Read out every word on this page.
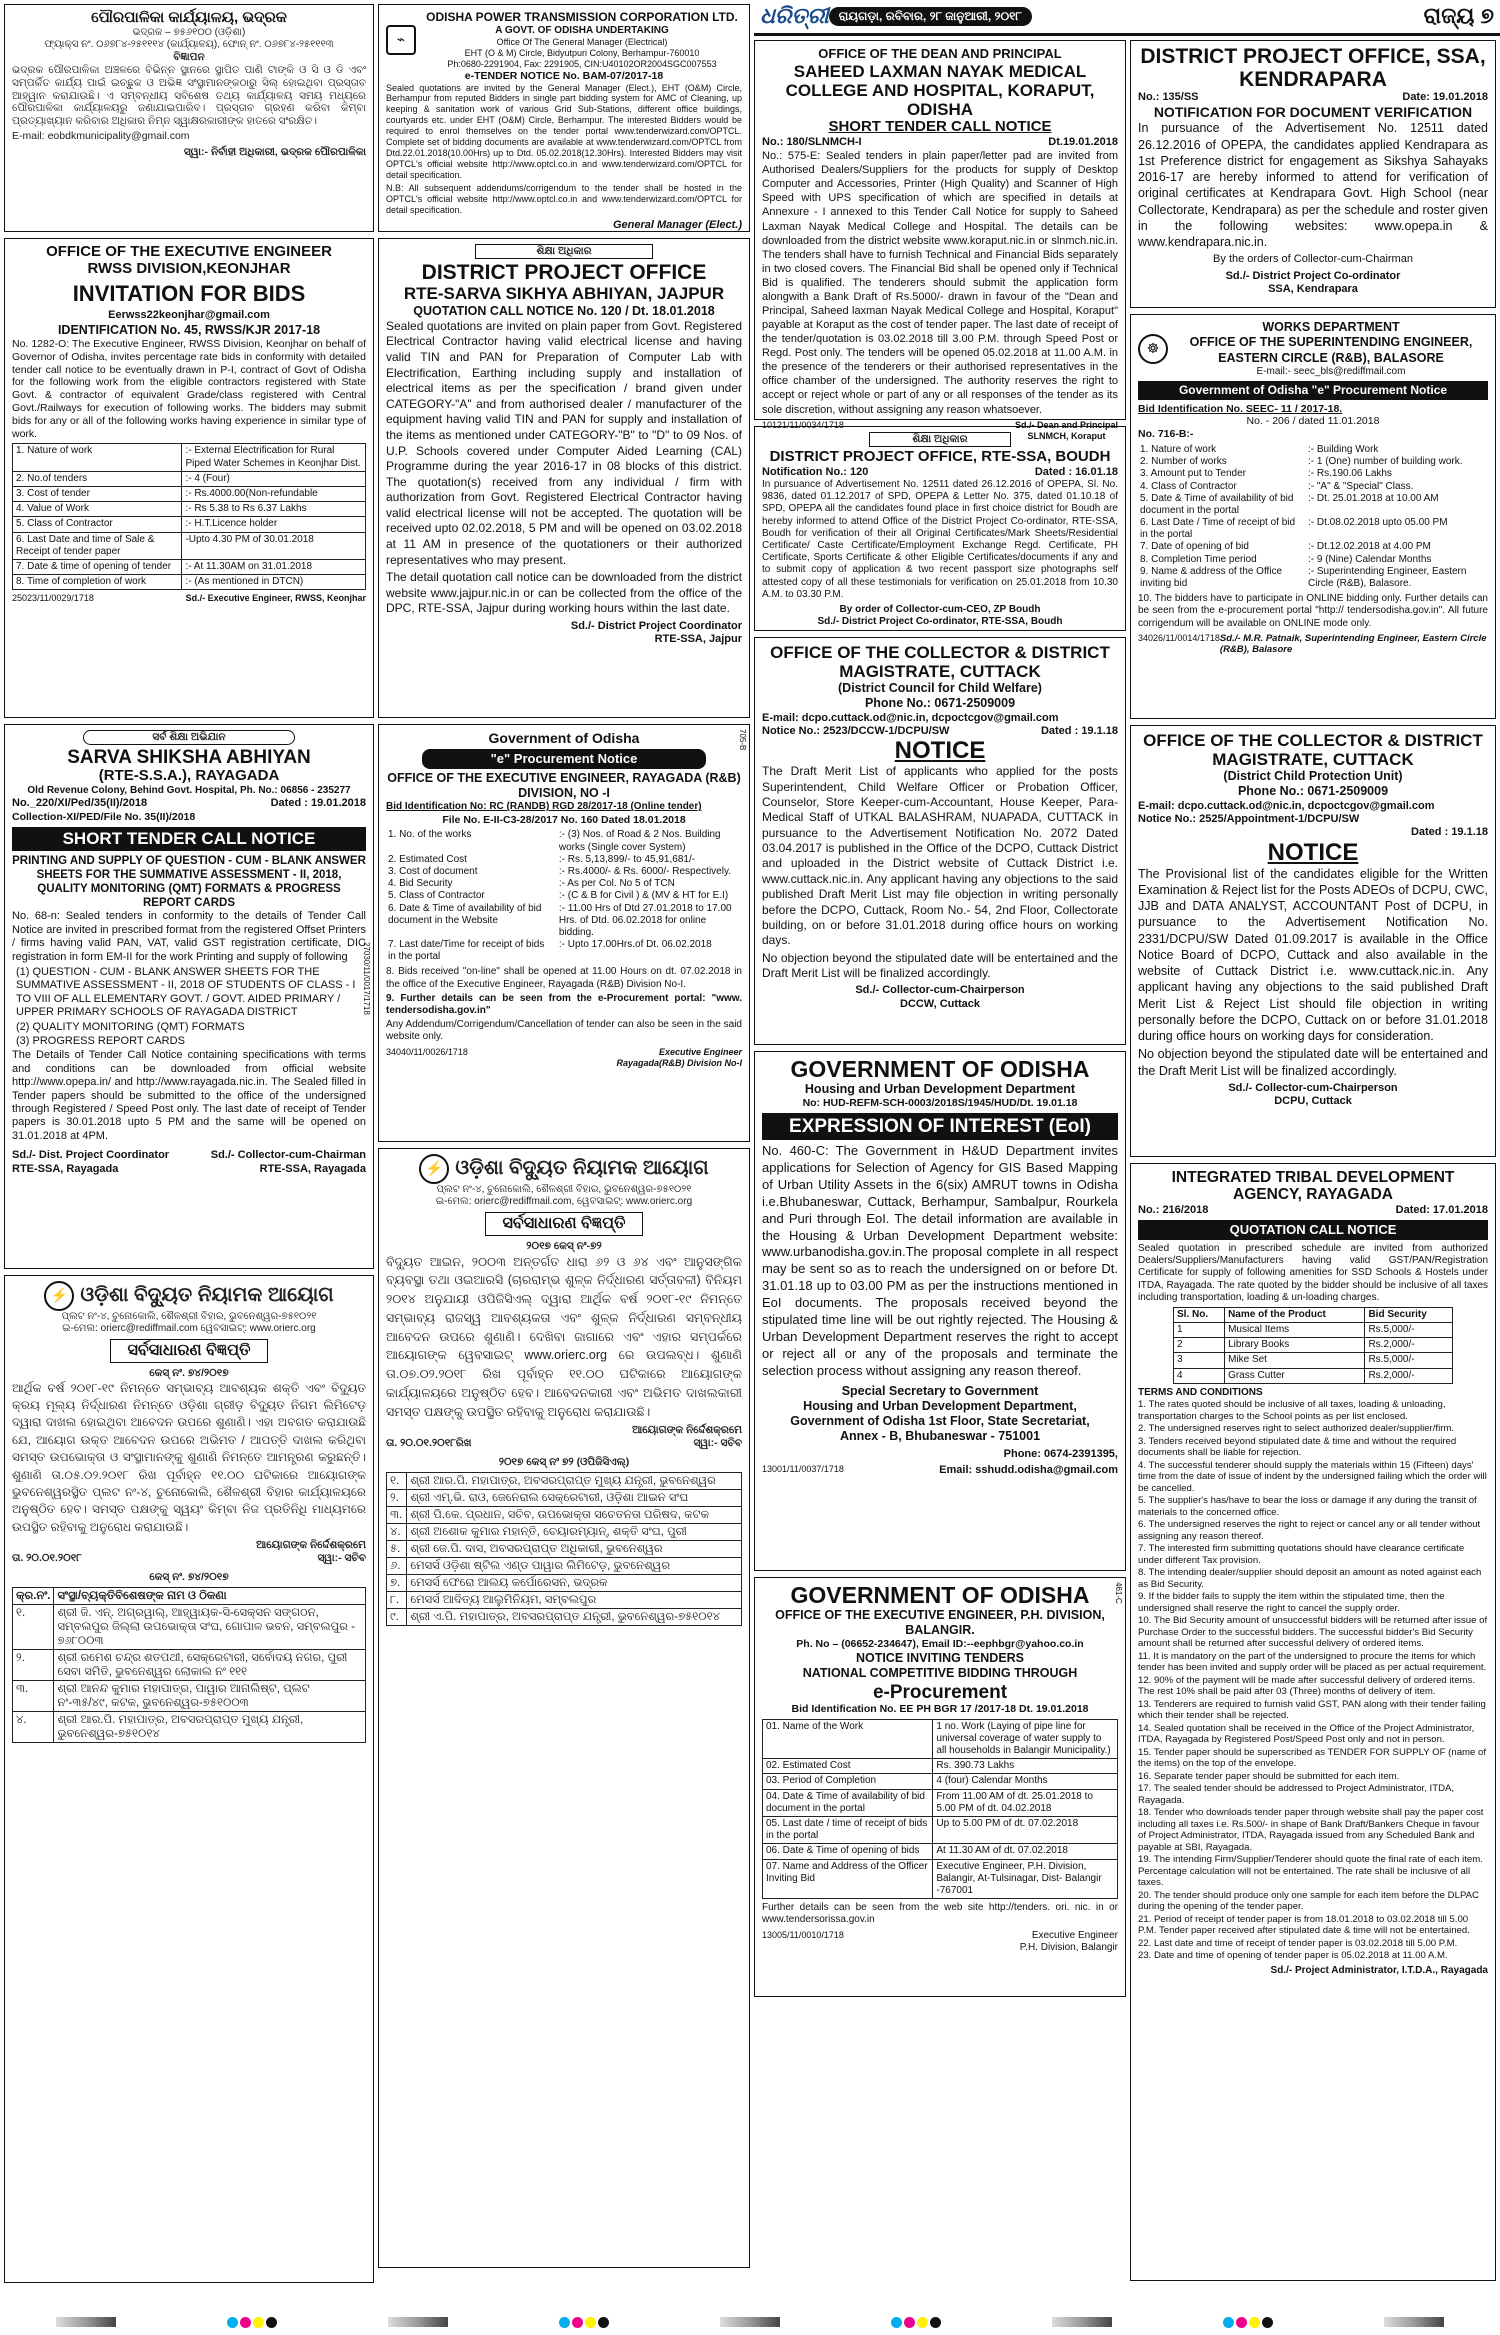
ପୌରପାଳିକା କାର୍ଯ୍ୟାଳୟ, ଭଦ୍ରକ
ଭଦ୍ରକ – ୭୫୬୧୦୦ (ଓଡ଼ିଶା)
ଫ୍ୟାକ୍ସ ନଂ. ୦୬୭୮୪-୨୫୧୧୧୪ (କାର୍ଯ୍ୟାଳୟ), ଫୋନ୍ ନଂ. ୦୬୭୮୪-୨୫୧୧୧୩
ବିଜ୍ଞାପନ

ଭଦ୍ରକ ପୌରପାଳିକା ଅଞ୍ଚଳରେ ବିଭିନ୍ନ ସ୍ଥାନରେ ସ୍ଥାପିତ ପାଣି ଟାଙ୍କି ଓ ସି ଓ ଡି ଏବଂ ସମ୍ପର୍କିତ କାର୍ଯ୍ୟ ପାଇଁ ଇଚ୍ଛୁକ ଓ ଅଭିଜ୍ଞ ସଂସ୍ଥାମାନଙ୍କଠାରୁ ସିଲ୍ ହୋଇଥିବା ପ୍ରସ୍ତାବ ଆହ୍ୱାନ କରାଯାଉଛି। ଏ ସମ୍ବନ୍ଧୀୟ ସବିଶେଷ ତଥ୍ୟ କାର୍ଯ୍ୟାଳୟ ସମୟ ମଧ୍ୟରେ ପୌରପାଳିକା କାର୍ଯ୍ୟାଳୟରୁ ଜଣାଯାଇପାରିବ। ପ୍ରସ୍ତାବ ଗ୍ରହଣ କରିବା କିମ୍ବା ପ୍ରତ୍ୟାଖ୍ୟାନ କରିବାର ଅଧିକାର ନିମ୍ନ ସ୍ୱାକ୍ଷରକାରୀଙ୍କ ହାତରେ ସଂରକ୍ଷିତ।

E-mail: eobdkmunicipality@gmail.com
ସ୍ୱା:- ନିର୍ବାହୀ ଅଧିକାରୀ, ଭଦ୍ରକ ପୌରପାଳିକା
OFFICE OF THE EXECUTIVE ENGINEER
RWSS DIVISION,KEONJHAR
INVITATION FOR BIDS
Eerwss22keonjhar@gmail.com
IDENTIFICATION No. 45, RWSS/KJR 2017-18

No. 1282-O: The Executive Engineer, RWSS Division, Keonjhar on behalf of Governor of Odisha, invites percentage rate bids in conformity with detailed tender call notice to be eventually drawn in P-I, contract of Govt of Odisha for the following work from the eligible contractors registered with State Govt. & contractor of equivalent Grade/class registered with Central Govt./Railways for execution of following works. The bidders may submit bids for any or all of the following works having experience in similar type of work.

1. Nature of work	:- External Electrification for Rural Piped Water Schemes in Keonjhar Dist.
2. No.of tenders	:- 4 (Four)
3. Cost of tender	:- Rs.4000.00(Non-refundable
4. Value of Work	:- Rs 5.38 to Rs 6.37 Lakhs
5. Class of Contractor	:- H.T.Licence holder
6. Last Date and time of Sale & Receipt of tender paper	-Upto 4.30 PM of 30.01.2018
7. Date & time of opening of tender	:- At 11.30AM on 31.01.2018
8. Time of completion of work	:- (As mentioned in DTCN)
25023/11/0029/1718	Sd./- Executive Engineer, RWSS, Keonjhar
ସର୍ବ ଶିକ୍ଷା ଅଭିଯାନ
SARVA SHIKSHA ABHIYAN
(RTE-S.S.A.), RAYAGADA
Old Revenue Colony, Behind Govt. Hospital, Ph. No.: 06856 - 235277
No._220/XI/Ped/35(II)/2018	Dated : 19.01.2018
Collection-XI/PED/File No. 35(II)/2018
SHORT TENDER CALL NOTICE
PRINTING AND SUPPLY OF QUESTION - CUM - BLANK ANSWER SHEETS FOR THE SUMMATIVE ASSESSMENT - II, 2018, QUALITY MONITORING (QMT) FORMATS & PROGRESS REPORT CARDS

No. 68-n: Sealed tenders in conformity to the details of Tender Call Notice are invited in prescribed format from the registered Offset Printers / firms having valid PAN, VAT, valid GST registration certificate, DIC registration in form EM-II for the work Printing and supply of following

(1) QUESTION - CUM - BLANK ANSWER SHEETS FOR THE SUMMATIVE ASSESSMENT - II, 2018 OF STUDENTS OF CLASS - I TO VIII OF ALL ELEMENTARY GOVT. / GOVT. AIDED PRIMARY / UPPER PRIMARY SCHOOLS OF RAYAGADA DISTRICT
(2) QUALITY MONITORING (QMT) FORMATS
(3) PROGRESS REPORT CARDS

The Details of Tender Call Notice containing specifications with terms and conditions can be downloaded from official website http://www.opepa.in/ and http://www.rayagada.nic.in. The Sealed filled in Tender papers should be submitted to the office of the undersigned through Registered / Speed Post only. The last date of receipt of Tender papers is 30.01.2018 upto 5 PM and the same will be opened on 31.01.2018 at 4PM.

Sd./- Dist. Project Coordinator
RTE-SSA, Rayagada
Sd./- Collector-cum-Chairman
RTE-SSA, Rayagada
27030/11/0017/1718
⚡ ଓଡ଼ିଶା ବିଦ୍ୟୁତ ନିୟାମକ ଆୟୋଗ
ପ୍ଲଟ ନଂ-୪, ଚୁନୋକୋଲି, ଶୈଳଶ୍ରୀ ବିହାର, ଭୁବନେଶ୍ୱର-୭୫୧୦୨୧
ଇ-ମେଲ: orierc@rediffmail.com ୱେବସାଇଟ୍: www.orierc.org
ସର୍ବସାଧାରଣ ବିଜ୍ଞପ୍ତି
କେସ୍ ନଂ. ୭୪/୨୦୧୭

ଆର୍ଥିକ ବର୍ଷ ୨୦୧୮-୧୯ ନିମନ୍ତେ ସମ୍ଭାବ୍ୟ ଆବଶ୍ୟକ ଶକ୍ତି ଏବଂ ବିଦ୍ୟୁତ କ୍ରୟ ମୂଲ୍ୟ ନିର୍ଦ୍ଧାରଣ ନିମନ୍ତେ ଓଡ଼ିଶା ଗ୍ରୀଡ଼ ବିଦ୍ୟୁତ ନିଗମ ଲିମିଟେଡ଼ ଦ୍ୱାରା ଦାଖଲ ହୋଇଥିବା ଆବେଦନ ଉପରେ ଶୁଣାଣି। ଏହା ଅବଗତ କରାଯାଉଛି ଯେ, ଆୟୋଗ ଉକ୍ତ ଆବେଦନ ଉପରେ ଅଭିମତ / ଆପତ୍ତି ଦାଖଲ କରିଥିବା ସମସ୍ତ ଉପଭୋକ୍ତା ଓ ସଂସ୍ଥାମାନଙ୍କୁ ଶୁଣାଣି ନିମନ୍ତେ ଆମନ୍ତ୍ରଣ କରୁଛନ୍ତି। ଶୁଣାଣି ତା.୦୫.୦୨.୨୦୧୮ ରିଖ ପୂର୍ବାହ୍ନ ୧୧.୦୦ ଘଟିକାରେ ଆୟୋଗଙ୍କ ଭୁବନେଶ୍ୱରସ୍ଥିତ ପ୍ଲଟ ନଂ-୪, ଚୁନୋକୋଲି, ଶୈଳଶ୍ରୀ ବିହାର କାର୍ଯ୍ୟାଳୟରେ ଅନୁଷ୍ଠିତ ହେବ। ସମସ୍ତ ପକ୍ଷଙ୍କୁ ସ୍ୱୟଂ କିମ୍ବା ନିଜ ପ୍ରତିନିଧି ମାଧ୍ୟମରେ ଉପସ୍ଥିତ ରହିବାକୁ ଅନୁରୋଧ କରାଯାଉଛି।

ଆୟୋଗଙ୍କ ନିର୍ଦ୍ଦେଶକ୍ରମେ
ତା. ୨୦.୦୧.୨୦୧୮	ସ୍ୱା:- ସଚିବ
କେସ୍ ନଂ. ୭୪/୨୦୧୭
କ୍ର.ନଂ.	ସଂସ୍ଥା/ବ୍ୟକ୍ତିବିଶେଷଙ୍କ ନାମ ଓ ଠିକଣା
୧.	ଶ୍ରୀ ଜି. ଏନ୍. ଅଗ୍ରୱାଲ୍, ଆହ୍ୱାୟକ-ସି-ସେକ୍ସନ ସଙ୍ଗଠନ, ସମ୍ବଲପୁର ଜିଲ୍ଲା ଉପଭୋକ୍ତା ସଂଘ, ଗୋପାଳ ଭବନ, ସମ୍ବଲପୁର - ୭୬୮୦୦୩
୨.	ଶ୍ରୀ ରମେଶ ଚନ୍ଦ୍ର ଶତପଥୀ, ସେକ୍ରେଟାରୀ, ସର୍ବୋଦୟ ନଗର, ପୁରୀ ସେବା ସମିତି, ଭୁବନେଶ୍ୱର ଲୋକାଲ ନଂ ୧୧୧
୩.	ଶ୍ରୀ ଆନନ୍ଦ କୁମାର ମହାପାତ୍ର, ପାୱାର ଆନାଲିଷ୍ଟ, ପ୍ଲଟ ନଂ-୩୫/୪୯, କଟକ, ଭୁବନେଶ୍ୱର-୭୫୧୦୦୩
୪.	ଶ୍ରୀ ଆର.ପି. ମହାପାତ୍ର, ଅବସରପ୍ରାପ୍ତ ମୁଖ୍ୟ ଯନ୍ତ୍ରୀ, ଭୁବନେଶ୍ୱର-୭୫୧୦୧୪
⌁
ODISHA POWER TRANSMISSION CORPORATION LTD.
A GOVT. OF ODISHA UNDERTAKING
Office Of The General Manager (Electrical)
EHT (O & M) Circle, Bidyutpuri Colony, Berhampur-760010
Ph:0680-2291904, Fax: 2291905, CIN:U40102OR2004SGC007553
e-TENDER NOTICE No. BAM-07/2017-18

Sealed quotations are invited by the General Manager (Elect.), EHT (O&M) Circle, Berhampur from reputed Bidders in single part bidding system for AMC of Cleaning, up keeping & sanitation work of various Grid Sub-Stations, different office buildings, courtyards etc. under EHT (O&M) Circle, Berhampur. The interested Bidders would be required to enrol themselves on the tender portal www.tenderwizard.com/OPTCL. Complete set of bidding documents are available at www.tenderwizard.com/OPTCL from Dtd.22.01.2018(10.00Hrs) up to Dtd. 05.02.2018(12.30Hrs). Interested Bidders may visit OPTCL's official website http://www.optcl.co.in and www.tenderwizard.com/OPTCL for detail specification.

N.B: All subsequent addendums/corrigendum to the tender shall be hosted in the OPTCL's official website http://www.optcl.co.in and www.tenderwizard.com/OPTCL for detail specification.

General Manager (Elect.)
ଶିକ୍ଷା ଅଧିକାର
DISTRICT PROJECT OFFICE
RTE-SARVA SIKHYA ABHIYAN, JAJPUR
QUOTATION CALL NOTICE No. 120 / Dt. 18.01.2018

Sealed quotations are invited on plain paper from Govt. Registered Electrical Contractor having valid electrical license and having valid TIN and PAN for Preparation of Computer Lab with Electrification, Earthing including supply and installation of electrical items as per the specification / brand given under CATEGORY-"A" and from authorised dealer / manufacturer of the equipment having valid TIN and PAN for supply and installation of the items as mentioned under CATEGORY-"B" to "D" to 09 Nos. of U.P. Schools covered under Computer Aided Learning (CAL) Programme during the year 2016-17 in 08 blocks of this district. The quotation(s) received from any individual / firm with authorization from Govt. Registered Electrical Contractor having valid electrical license will not be accepted. The quotation will be received upto 02.02.2018, 5 PM and will be opened on 03.02.2018 at 11 AM in presence of the quotationers or their authorized representatives who may present.

The detail quotation call notice can be downloaded from the district website www.jajpur.nic.in or can be collected from the office of the DPC, RTE-SSA, Jajpur during working hours within the last date.

Sd./- District Project Coordinator
RTE-SSA, Jajpur
Government of Odisha
"e" Procurement Notice
OFFICE OF THE EXECUTIVE ENGINEER, RAYAGADA (R&B) DIVISION, NO -I
Bid Identification No: RC (RANDB) RGD 28/2017-18 (Online tender)
File No. E-II-C3-28/2017 No. 160 Dated 18.01.2018
1. No. of the works	:- (3) Nos. of Road & 2 Nos. Building works (Single cover System)
2. Estimated Cost	:- Rs. 5,13,899/- to 45,91,681/-
3. Cost of document	:- Rs.4000/- & Rs. 6000/- Respectively.
4. Bid Security	:- As per Col. No 5 of TCN
5. Class of Contractor	:- (C & B for Civil ) & (MV & HT for E.I)
6. Date & Time of availability of bid document in the Website	:- 11.00 Hrs of Dtd 27.01.2018 to 17.00 Hrs. of Dtd. 06.02.2018 for online bidding.
7. Last date/Time for receipt of bids in the portal	:- Upto 17.00Hrs.of Dt. 06.02.2018

8. Bids received "on-line" shall be opened at 11.00 Hours on dt. 07.02.2018 in the office of the Executive Engineer, Rayagada (R&B) Division No-I.

9. Further details can be seen from the e-Procurement portal: "www. tendersodisha.gov.in"

Any Addendum/Corrigendum/Cancellation of tender can also be seen in the said website only.

34040/11/0026/1718	Executive Engineer
Rayagada(R&B) Division No-I
705-B
⚡ ଓଡ଼ିଶା ବିଦ୍ୟୁତ ନିୟାମକ ଆୟୋଗ
ପ୍ଲଟ ନଂ-୪, ଚୁନୋକୋଲି, ଶୈଳଶ୍ରୀ ବିହାର, ଭୁବନେଶ୍ୱର-୭୫୧୦୨୧
ଇ-ମେଲ: orierc@rediffmail.com, ୱେବସାଇଟ୍: www.orierc.org
ସର୍ବସାଧାରଣ ବିଜ୍ଞପ୍ତି
୨୦୧୭ କେସ୍ ନଂ-୭୨

ବିଦ୍ୟୁତ ଆଇନ, ୨୦୦୩ ଅନ୍ତର୍ଗତ ଧାରା ୬୨ ଓ ୬୪ ଏବଂ ଆନୁସଙ୍ଗିକ ବ୍ୟବସ୍ଥା ତଥା ଓଇଆରସି (ଚାରରାମ୍ଭ ଶୁଳ୍କ ନିର୍ଦ୍ଧାରଣ ସର୍ତ୍ତାବଳୀ) ବିନିୟମ ୨୦୧୪ ଅନୁଯାୟୀ ଓପିଜିସିଏଲ୍ ଦ୍ୱାରା ଆର୍ଥିକ ବର୍ଷ ୨୦୧୮-୧୯ ନିମନ୍ତେ ସମ୍ଭାବ୍ୟ ରାଜସ୍ୱ ଆବଶ୍ୟକତା ଏବଂ ଶୁଳ୍କ ନିର୍ଦ୍ଧାରଣ ସମ୍ବନ୍ଧୀୟ ଆବେଦନ ଉପରେ ଶୁଣାଣି। ଦେଖିବା ଜାଗାରେ ଏବଂ ଏହାର ସମ୍ପର୍କରେ ଆୟୋଗଙ୍କ ୱେବସାଇଟ୍ www.orierc.org ରେ ଉପଲବ୍ଧ। ଶୁଣାଣି ତା.୦୭.୦୨.୨୦୧୮ ରିଖ ପୂର୍ବାହ୍ନ ୧୧.୦୦ ଘଟିକାରେ ଆୟୋଗଙ୍କ କାର୍ଯ୍ୟାଳୟରେ ଅନୁଷ୍ଠିତ ହେବ। ଆବେଦନକାରୀ ଏବଂ ଅଭିମତ ଦାଖଲକାରୀ ସମସ୍ତ ପକ୍ଷଙ୍କୁ ଉପସ୍ଥିତ ରହିବାକୁ ଅନୁରୋଧ କରାଯାଉଛି।

ଆୟୋଗଙ୍କ ନିର୍ଦ୍ଦେଶକ୍ରମେ
ତା. ୨୦.୦୧.୨୦୧୮ରିଖ	ସ୍ୱା:- ସଚିବ
୨୦୧୭ କେସ୍ ନଂ ୭୨ (ଓପିଜିସିଏଲ୍)
୧.	ଶ୍ରୀ ଆର.ପି. ମହାପାତ୍ର, ଅବସରପ୍ରାପ୍ତ ମୁଖ୍ୟ ଯନ୍ତ୍ରୀ, ଭୁବନେଶ୍ୱର
୨.	ଶ୍ରୀ ଏମ୍.ଭି. ରାଓ, ଜେନେରାଲ ସେକ୍ରେଟାରୀ, ଓଡ଼ିଶା ଆଇନ ସଂଘ
୩.	ଶ୍ରୀ ପି.କେ. ପ୍ରଧାନ, ସଚିବ, ଉପଭୋକ୍ତା ସଚେତନତା ପରିଷଦ, କଟକ
୪.	ଶ୍ରୀ ଅଶୋକ କୁମାର ମହାନ୍ତି, ଚେୟାରମ୍ୟାନ୍, ଶକ୍ତି ସଂଘ, ପୁରୀ
୫.	ଶ୍ରୀ ଜେ.ପି. ଦାସ, ଅବସରପ୍ରାପ୍ତ ଅଧିକାରୀ, ଭୁବନେଶ୍ୱର
୬.	ମେସର୍ସ ଓଡ଼ିଶା ଷ୍ଟିଲ ଏଣ୍ଡ ପାୱାର ଲିମିଟେଡ଼, ଭୁବନେଶ୍ୱର
୭.	ମେସର୍ସ ଫେରୋ ଆଲୟ କର୍ପୋରେସନ, ଭଦ୍ରକ
୮.	ମେସର୍ସ ଆଦିତ୍ୟ ଆଲୁମିନିୟମ, ସମ୍ବଲପୁର
୯.	ଶ୍ରୀ ଏ.ପି. ମହାପାତ୍ର, ଅବସରପ୍ରାପ୍ତ ଯନ୍ତ୍ରୀ, ଭୁବନେଶ୍ୱର-୭୫୧୦୧୪
ଧରିତ୍ରୀ ରାୟଗଡ଼ା, ରବିବାର, ୨୮ ଜାନୁଆରୀ, ୨୦୧୮	ରାଜ୍ୟ ୭
OFFICE OF THE DEAN AND PRINCIPAL
SAHEED LAXMAN NAYAK MEDICAL COLLEGE AND HOSPITAL, KORAPUT, ODISHA
SHORT TENDER CALL NOTICE
No.: 180/SLNMCH-I	Dt.19.01.2018

No.: 575-E: Sealed tenders in plain paper/letter pad are invited from Authorised Dealers/Suppliers for the products for supply of Desktop Computer and Accessories, Printer (High Quality) and Scanner of High Speed with UPS specification of which are specified in details at Annexure - I annexed to this Tender Call Notice for supply to Saheed Laxman Nayak Medical College and Hospital. The details can be downloaded from the district website www.koraput.nic.in or slnmch.nic.in. The tenders shall have to furnish Technical and Financial Bids separately in two closed covers. The Financial Bid shall be opened only if Technical Bid is qualified. The tenderers should submit the application form alongwith a Bank Draft of Rs.5000/- drawn in favour of the "Dean and Principal, Saheed laxman Nayak Medical College and Hospital, Koraput" payable at Koraput as the cost of tender paper. The last date of receipt of the tender/quotation is 03.02.2018 till 3.00 P.M. through Speed Post or Regd. Post only. The tenders will be opened 05.02.2018 at 11.00 A.M. in the presence of the tenderers or their authorised representatives in the office chamber of the undersigned. The authority reserves the right to accept or reject whole or part of any or all responses of the tender as its sole discretion, without assigning any reason whatsoever.

10121/11/0034/1718	Sd./- Dean and Principal
SLNMCH, Koraput
ଶିକ୍ଷା ଅଧିକାର
DISTRICT PROJECT OFFICE, RTE-SSA, BOUDH
Notification No.: 120	Dated : 16.01.18

In pursuance of Advertisement No. 12511 dated 26.12.2016 of OPEPA, Sl. No. 9836, dated 01.12.2017 of SPD, OPEPA & Letter No. 375, dated 01.10.18 of SPD, OPEPA all the candidates found place in first choice district for Boudh are hereby informed to attend Office of the District Project Co-ordinator, RTE-SSA, Boudh for verification of their all Original Certificates/Mark Sheets/Residential Certificate/ Caste Certificate/Employment Exchange Regd. Certificate, PH Certificate, Sports Certificate & other Eligible Certificates/documents if any and to submit copy of application & two recent passport size photographs self attested copy of all these testimonials for verification on 25.01.2018 from 10.30 A.M. to 03.30 P.M.

By order of Collector-cum-CEO, ZP Boudh
Sd./- District Project Co-ordinator, RTE-SSA, Boudh
OFFICE OF THE COLLECTOR & DISTRICT MAGISTRATE, CUTTACK
(District Council for Child Welfare)
Phone No.: 0671-2509009
E-mail: dcpo.cuttack.od@nic.in, dcpoctcgov@gmail.com
Notice No.: 2523/DCCW-1/DCPU/SW	Dated : 19.1.18
NOTICE

The Draft Merit List of applicants who applied for the posts Superintendent, Child Welfare Officer or Probation Officer, Counselor, Store Keeper-cum-Accountant, House Keeper, Para-Medical Staff of UTKAL BALASHRAM, NUAPADA, CUTTACK in pursuance to the Advertisement Notification No. 2072 Dated 03.04.2017 is published in the Office of the DCPO, Cuttack District and uploaded in the District website of Cuttack District i.e. www.cuttack.nic.in. Any applicant having any objections to the said published Draft Merit List may file objection in writing personally before the DCPO, Cuttack, Room No.- 54, 2nd Floor, Collectorate building, on or before 31.01.2018 during office hours on working days.

No objection beyond the stipulated date will be entertained and the Draft Merit List will be finalized accordingly.

Sd./- Collector-cum-Chairperson
DCCW, Cuttack
GOVERNMENT OF ODISHA
Housing and Urban Development Department
No: HUD-REFM-SCH-0003/2018S/1945/HUD/Dt. 19.01.18
EXPRESSION OF INTEREST (EoI)

No. 460-C: The Government in H&UD Department invites applications for Selection of Agency for GIS Based Mapping of Urban Utility Assets in the 6(six) AMRUT towns in Odisha i.e.Bhubaneswar, Cuttack, Berhampur, Sambalpur, Rourkela and Puri through EoI. The detail information are available in the Housing & Urban Development Department website: www.urbanodisha.gov.in.The proposal complete in all respect may be sent so as to reach the undersigned on or before Dt. 31.01.18 up to 03.00 PM as per the instructions mentioned in EoI documents. The proposals received beyond the stipulated time line will be out rightly rejected. The Housing & Urban Development Department reserves the right to accept or reject all or any of the proposals and terminate the selection process without assigning any reason thereof.

Special Secretary to Government
Housing and Urban Development Department,
Government of Odisha 1st Floor, State Secretariat,
Annex - B, Bhubaneswar - 751001
Phone: 0674-2391395,
13001/11/0037/1718	Email: sshudd.odisha@gmail.com
GOVERNMENT OF ODISHA
OFFICE OF THE EXECUTIVE ENGINEER, P.H. DIVISION, BALANGIR.
Ph. No – (06652-234647), Email ID:--eephbgr@yahoo.co.in
NOTICE INVITING TENDERS
NATIONAL COMPETITIVE BIDDING THROUGH
e-Procurement
Bid Identification No. EE PH BGR 17 /2017-18 Dt. 19.01.2018
01. Name of the Work	1 no. Work (Laying of pipe line for universal coverage of water supply to all households in Balangir Municipality.)
02. Estimated Cost	Rs. 390.73 Lakhs
03. Period of Completion	4 (four) Calendar Months
04. Date & Time of availability of bid document in the portal	From 11.00 AM of dt. 25.01.2018 to 5.00 PM of dt. 04.02.2018
05. Last date / time of receipt of bids in the portal	Up to 5.00 PM of dt. 07.02.2018
06. Date & Time of opening of bids	At 11.30 AM of dt. 07.02.2018
07. Name and Address of the Officer Inviting Bid	Executive Engineer, P.H. Division, Balangir, At-Tulsinagar, Dist- Balangir -767001

Further details can be seen from the web site http://tenders. ori. nic. in or www.tendersorissa.gov.in

13005/11/0010/1718	Executive Engineer
P.H. Division, Balangir
461-C
DISTRICT PROJECT OFFICE, SSA, KENDRAPARA
No.: 135/SS	Date: 19.01.2018
NOTIFICATION FOR DOCUMENT VERIFICATION

In pursuance of the Advertisement No. 12511 dated 26.12.2016 of OPEPA, the candidates applied Kendrapara as 1st Preference district for engagement as Sikshya Sahayaks 2016-17 are hereby informed to attend for verification of original certificates at Kendrapara Govt. High School (near Collectorate, Kendrapara) as per the schedule and roster given in the following websites: www.opepa.in & www.kendrapara.nic.in.

By the orders of Collector-cum-Chairman
Sd./- District Project Co-ordinator
SSA, Kendrapara
☸
WORKS DEPARTMENT
OFFICE OF THE SUPERINTENDING ENGINEER, EASTERN CIRCLE (R&B), BALASORE
E-mail:- seec_bls@rediffmail.com
Government of Odisha "e" Procurement Notice
Bid Identification No. SEEC- 11 / 2017-18.
No. - 206 / dated 11.01.2018
No. 716-B:-
1. Nature of work	:- Building Work
2. Number of works	:- 1 (One) number of building work.
3. Amount put to Tender	:- Rs.190.06 Lakhs
4. Class of Contractor	:- "A" & "Special" Class.
5. Date & Time of availability of bid document in the portal	:- Dt. 25.01.2018 at 10.00 AM
6. Last Date / Time of receipt of bid in the portal	:- Dt.08.02.2018 upto 05.00 PM
7. Date of opening of bid	:- Dt.12.02.2018 at 4.00 PM
8. Completion Time period	:- 9 (Nine) Calendar Months
9. Name & address of the Office inviting bid	:- Superintending Engineer, Eastern Circle (R&B), Balasore.

10. The bidders have to participate in ONLINE bidding only. Further details can be seen from the e-procurement portal "http:// tendersodisha.gov.in". All future corrigendum will be available on ONLINE mode only.

34026/11/0014/1718 Sd./- M.R. Patnaik, Superintending Engineer, Eastern Circle (R&B), Balasore
OFFICE OF THE COLLECTOR & DISTRICT MAGISTRATE, CUTTACK
(District Child Protection Unit)
Phone No.: 0671-2509009
E-mail: dcpo.cuttack.od@nic.in, dcpoctcgov@gmail.com
Notice No.: 2525/Appointment-1/DCPU/SW
Dated : 19.1.18
NOTICE

The Provisional list of the candidates eligible for the Written Examination & Reject list for the Posts ADEOs of DCPU, CWC, JJB and DATA ANALYST, ACCOUNTANT Post of DCPU, in pursuance to the Advertisement Notification No. 2331/DCPU/SW Dated 01.09.2017 is available in the Office Notice Board of DCPO, Cuttack and also available in the website of Cuttack District i.e. www.cuttack.nic.in. Any applicant having any objections to the said published Draft Merit List & Reject List should file objection in writing personally before the DCPO, Cuttack on or before 31.01.2018 during office hours on working days for consideration.

No objection beyond the stipulated date will be entertained and the Draft Merit List will be finalized accordingly.

Sd./- Collector-cum-Chairperson
DCPU, Cuttack
INTEGRATED TRIBAL DEVELOPMENT AGENCY, RAYAGADA
No.: 216/2018	Dated: 17.01.2018
QUOTATION CALL NOTICE

Sealed quotation in prescribed schedule are invited from authorized Dealers/Suppliers/Manufacturers having valid GST/PAN/Registration Certificate for supply of following amenities for SSD Schools & Hostels under ITDA, Rayagada. The rate quoted by the bidder should be inclusive of all taxes including transportation, loading & un-loading charges.

Sl. No.	Name of the Product	Bid Security
1	Musical Items	Rs.5,000/-
2	Library Books	Rs.2,000/-
3	Mike Set	Rs.5,000/-
4	Grass Cutter	Rs.2,000/-
TERMS AND CONDITIONS
1. The rates quoted should be inclusive of all taxes, loading & unloading, transportation charges to the School points as per list enclosed.
2. The undersigned reserves right to select authorized dealer/supplier/firm.
3. Tenders received beyond stipulated date & time and without the required documents shall be liable for rejection.
4. The successful tenderer should supply the materials within 15 (Fifteen) days' time from the date of issue of indent by the undersigned failing which the order will be cancelled.
5. The supplier's has/have to bear the loss or damage if any during the transit of materials to the concerned office.
6. The undersigned reserves the right to reject or cancel any or all tender without assigning any reason thereof.
7. The interested firm submitting quotations should have clearance certificate under different Tax provision.
8. The intending dealer/supplier should deposit an amount as noted against each as Bid Security.
9. If the bidder fails to supply the item within the stipulated time, then the undersigned shall reserve the right to cancel the supply order.
10. The Bid Security amount of unsuccessful bidders will be returned after issue of Purchase Order to the successful bidders. The successful bidder's Bid Security amount shall be returned after successful delivery of ordered items.
11. It is mandatory on the part of the undersigned to procure the items for which tender has been invited and supply order will be placed as per actual requirement.
12. 90% of the payment will be made after successful delivery of ordered items. The rest 10% shall be paid after 03 (Three) months of delivery of item.
13. Tenderers are required to furnish valid GST, PAN along with their tender failing which their tender shall be rejected.
14. Sealed quotation shall be received in the Office of the Project Administrator, ITDA, Rayagada by Registered Post/Speed Post only and not in person.
15. Tender paper should be superscribed as TENDER FOR SUPPLY OF (name of the items) on the top of the envelope.
16. Separate tender paper should be submitted for each item.
17. The sealed tender should be addressed to Project Administrator, ITDA, Rayagada.
18. Tender who downloads tender paper through website shall pay the paper cost including all taxes i.e. Rs.500/- in shape of Bank Draft/Bankers Cheque in favour of Project Administrator, ITDA, Rayagada issued from any Scheduled Bank and payable at SBI, Rayagada.
19. The intending Firm/Supplier/Tenderer should quote the final rate of each item. Percentage calculation will not be entertained. The rate shall be inclusive of all taxes.
20. The tender should produce only one sample for each item before the DLPAC during the opening of the tender paper.
21. Period of receipt of tender paper is from 18.01.2018 to 03.02.2018 till 5.00 P.M. Tender paper received after stipulated date & time will not be entertained.
22. Last date and time of receipt of tender paper is 03.02.2018 till 5.00 P.M.
23. Date and time of opening of tender paper is 05.02.2018 at 11.00 A.M.
Sd./- Project Administrator, I.T.D.A., Rayagada
